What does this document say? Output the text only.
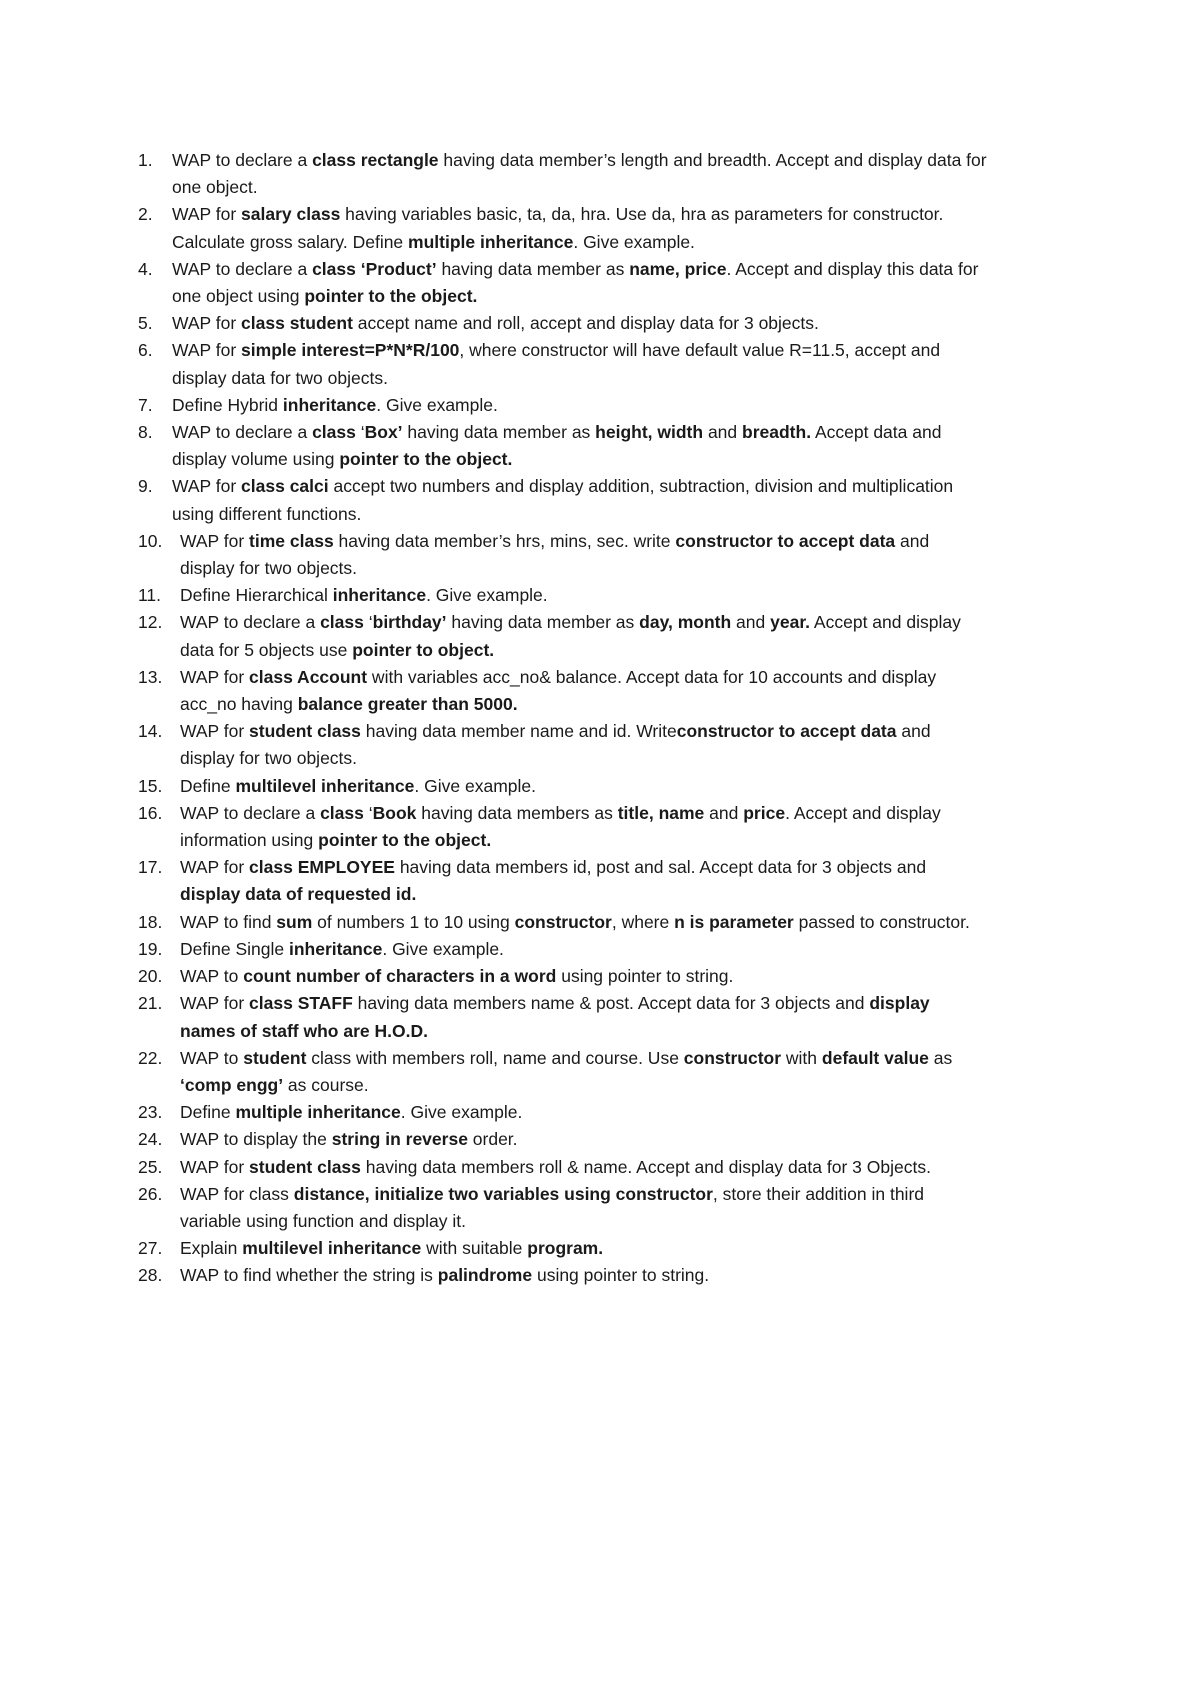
1.	WAP to declare a class rectangle having data member’s length and breadth. Accept and display data for one object.
2.	WAP for salary class having variables basic, ta, da, hra. Use da, hra as parameters for constructor. Calculate gross salary. Define multiple inheritance. Give example.
4.	WAP to declare a class ‘Product’ having data member as name, price. Accept and display this data for one object using pointer to the object.
5.	WAP for class student accept name and roll, accept and display data for 3 objects.
6.	WAP for simple interest=P*N*R/100, where constructor will have default value R=11.5, accept and display data for two objects.
7.	Define Hybrid inheritance. Give example.
8.	WAP to declare a class ‘Box’ having data member as height, width and breadth. Accept data and display volume using pointer to the object.
9.	WAP for class calci accept two numbers and display addition, subtraction, division and multiplication using different functions.
10.	WAP for time class having data member’s hrs, mins, sec. write constructor to accept data and display for two objects.
11.	Define Hierarchical inheritance. Give example.
12.	WAP to declare a class ‘birthday’ having data member as day, month and year. Accept and display data for 5 objects use pointer to object.
13.	WAP for class Account with variables acc_no& balance. Accept data for 10 accounts and display acc_no having balance greater than 5000.
14.	WAP for student class having data member name and id. Writeconstructor to accept data and display for two objects.
15.	Define multilevel inheritance. Give example.
16.	WAP to declare a class ‘Book having data members as title, name and price. Accept and display information using pointer to the object.
17.	WAP for class EMPLOYEE having data members id, post and sal. Accept data for 3 objects and display data of requested id.
18.	WAP to find sum of numbers 1 to 10 using constructor, where n is parameter passed to constructor.
19.	Define Single inheritance. Give example.
20.	WAP to count number of characters in a word using pointer to string.
21.	WAP for class STAFF having data members name & post. Accept data for 3 objects and display names of staff who are H.O.D.
22.	WAP to student class with members roll, name and course. Use constructor with default value as ‘comp engg’ as course.
23.	Define multiple inheritance. Give example.
24.	WAP to display the string in reverse order.
25.	WAP for student class having data members roll & name. Accept and display data for 3 Objects.
26.	WAP for class distance, initialize two variables using constructor, store their addition in third variable using function and display it.
27.	Explain multilevel inheritance with suitable program.
28.	WAP to find whether the string is palindrome using pointer to string.
